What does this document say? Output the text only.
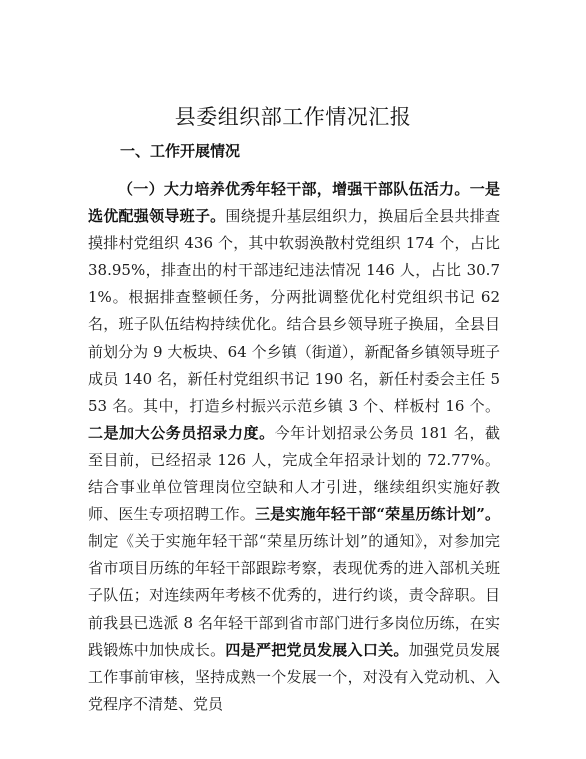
县委组织部工作情况汇报
一、工作开展情况

（一）大力培养优秀年轻干部，增强干部队伍活力。一是选优配强领导班子。围绕提升基层组织力，换届后全县共排查摸排村党组织 436 个，其中软弱涣散村党组织 174 个，占比 38.95%，排查出的村干部违纪违法情况 146 人，占比 30.71%。根据排查整顿任务，分两批调整优化村党组织书记 62 名，班子队伍结构持续优化。结合县乡领导班子换届，全县目前划分为 9 大板块、64 个乡镇（街道），新配备乡镇领导班子成员 140 名，新任村党组织书记 190 名，新任村委会主任 553 名。其中，打造乡村振兴示范乡镇 3 个、样板村 16 个。二是加大公务员招录力度。今年计划招录公务员 181 名，截至目前，已经招录 126 人，完成全年招录计划的 72.77%。结合事业单位管理岗位空缺和人才引进，继续组织实施好教师、医生专项招聘工作。三是实施年轻干部“荣星历练计划”。制定《关于实施年轻干部“荣星历练计划”的通知》，对参加完省市项目历练的年轻干部跟踪考察，表现优秀的进入部机关班子队伍；对连续两年考核不优秀的，进行约谈，责令辞职。目前我县已选派 8 名年轻干部到省市部门进行多岗位历练，在实践锻炼中加快成长。四是严把党员发展入口关。加强党员发展工作事前审核，坚持成熟一个发展一个，对没有入党动机、入党程序不清楚、党员
